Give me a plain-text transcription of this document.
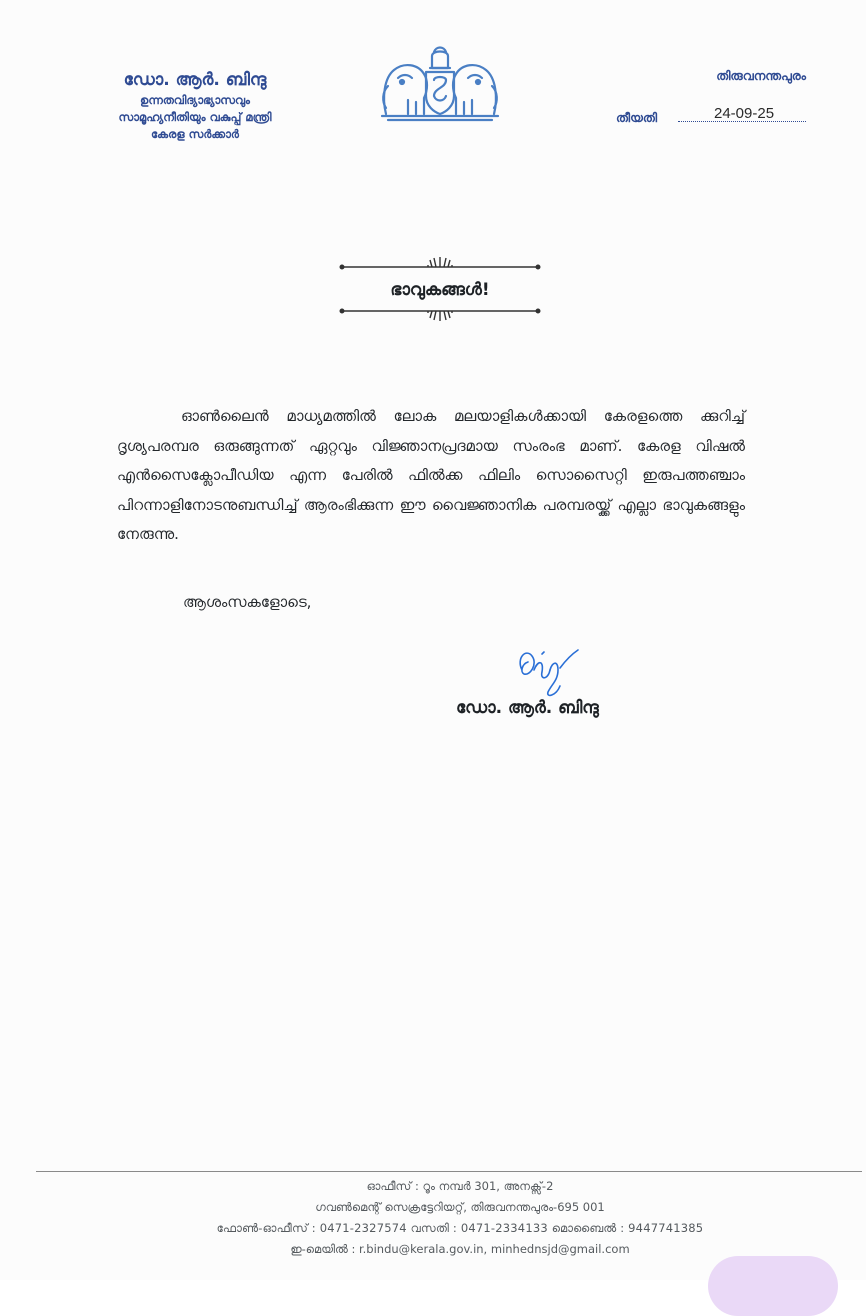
ഡോ. ആർ. ബിന്ദു
ഉന്നതവിദ്യാഭ്യാസവും
സാമൂഹ്യനീതിയും വകുപ്പ് മന്ത്രി
കേരള സർക്കാർ
തിരുവനന്തപുരം
തീയതി	24-09-25
ഭാവുകങ്ങൾ!
ഓൺലൈൻ മാധ്യമത്തിൽ ലോക മലയാളികൾക്കായി കേരളത്തെ ക്കുറിച്ച് ദൃശ്യപരമ്പര ഒരുങ്ങുന്നത് ഏറ്റവും വിജ്ഞാനപ്രദമായ സംരംഭ മാണ്. കേരള വിഷൽ എൻസൈക്ലോപീഡിയ എന്ന പേരിൽ ഫിൽക്ക ഫിലിം സൊസൈറ്റി ഇരുപത്തഞ്ചാം പിറന്നാളിനോടനുബന്ധിച്ച് ആരംഭിക്കുന്ന ഈ വൈജ്ഞാനിക പരമ്പരയ്ക്ക് എല്ലാ ഭാവുകങ്ങളും നേരുന്നു.
ആശംസകളോടെ,
ഡോ. ആർ. ബിന്ദു
ഓഫീസ് : റൂം നമ്പർ 301, അനക്സ്-2
ഗവൺമെന്റ് സെക്രട്ടേറിയറ്റ്, തിരുവനന്തപുരം-695 001
ഫോൺ-ഓഫീസ് : 0471-2327574 വസതി : 0471-2334133 മൊബൈൽ : 9447741385
ഇ-മെയിൽ : r.bindu@kerala.gov.in, minhednsjd@gmail.com
